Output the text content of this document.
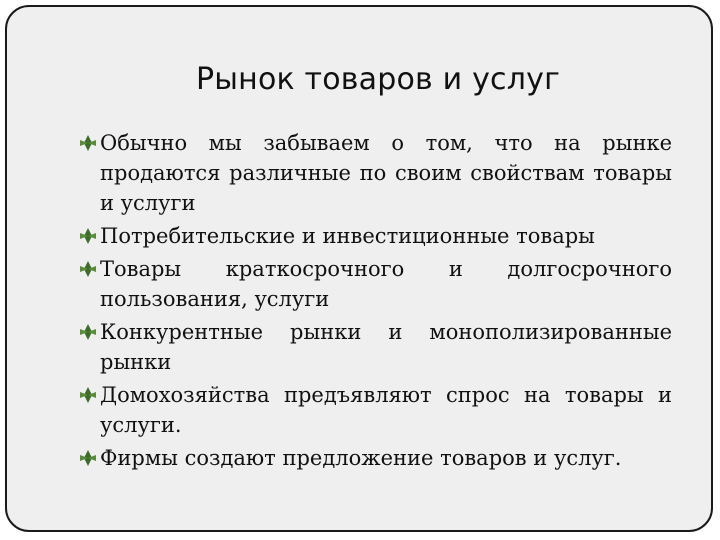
Рынок товаров и услуг
Обычно мы забываем о том, что на рынке продаются различные по своим свойствам товары и услуги
Потребительские и инвестиционные товары
Товары краткосрочного и долгосрочного пользования, услуги
Конкурентные рынки и монополизированные рынки
Домохозяйства предъявляют спрос на товары и услуги.
Фирмы создают предложение товаров и услуг.
